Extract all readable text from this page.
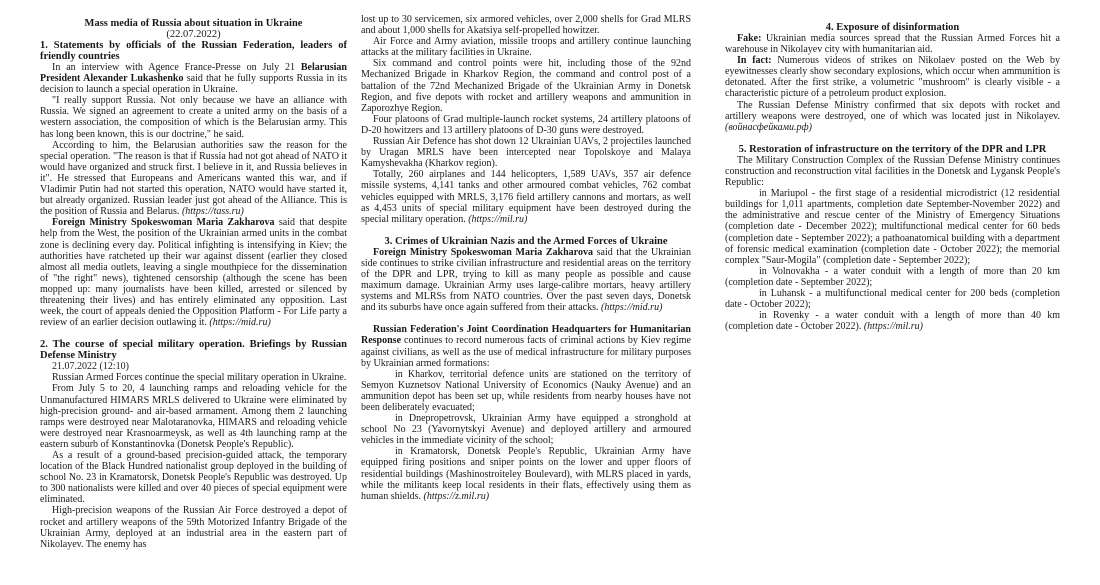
Mass media of Russia about situation in Ukraine
(22.07.2022)
1. Statements by officials of the Russian Federation, leaders of friendly countries

In an interview with Agence France-Presse on July 21 Belarusian President Alexander Lukashenko said that he fully supports Russia in its decision to launch a special operation in Ukraine.

"I really support Russia. Not only because we have an alliance with Russia. We signed an agreement to create a united army on the basis of a western association, the composition of which is the Belarusian army. This has long been known, this is our doctrine," he said.

According to him, the Belarusian authorities saw the reason for the special operation. "The reason is that if Russia had not got ahead of NATO it would have organized and struck first. I believe in it, and Russia believes in it". He stressed that Europeans and Americans wanted this war, and if Vladimir Putin had not started this operation, NATO would have started it, but already organized. Russian leader just got ahead of the Alliance. This is the position of Russia and Belarus. (https://tass.ru)

Foreign Ministry Spokeswoman Maria Zakharova said that despite help from the West, the position of the Ukrainian armed units in the combat zone is declining every day. Political infighting is intensifying in Kiev; the authorities have ratcheted up their war against dissent (earlier they closed almost all media outlets, leaving a single mouthpiece for the dissemination of "the right" news), tightened censorship (although the scene has been mopped up: many journalists have been killed, arrested or silenced by threatening their lives) and has entirely eliminated any opposition. Last week, the court of appeals denied the Opposition Platform - For Life party a review of an earlier decision outlawing it. (https://mid.ru)

2. The course of special military operation. Briefings by Russian Defense Ministry

21.07.2022 (12:10)

Russian Armed Forces continue the special military operation in Ukraine.

From July 5 to 20, 4 launching ramps and reloading vehicle for the Unmanufactured HIMARS MRLS delivered to Ukraine were eliminated by high-precision ground- and air-based armament. Among them 2 launching ramps were destroyed near Malotaranovka, HIMARS and reloading vehicle were destroyed near Krasnoarmeysk, as well as 4th launching ramp at the eastern suburb of Konstantinovka (Donetsk People's Republic).

As a result of a ground-based precision-guided attack, the temporary location of the Black Hundred nationalist group deployed in the building of school No. 23 in Kramatorsk, Donetsk People's Republic was destroyed. Up to 300 nationalists were killed and over 40 pieces of special equipment were eliminated.

High-precision weapons of the Russian Air Force destroyed a depot of rocket and artillery weapons of the 59th Motorized Infantry Brigade of the Ukrainian Army, deployed at an industrial area in the eastern part of Nikolayev. The enemy has

lost up to 30 servicemen, six armored vehicles, over 2,000 shells for Grad MLRS and about 1,000 shells for Akatsiya self-propelled howitzer.

Air Force and Army aviation, missile troops and artillery continue launching attacks at the military facilities in Ukraine.

Six command and control points were hit, including those of the 92nd Mechanized Brigade in Kharkov Region, the command and control post of a battalion of the 72nd Mechanized Brigade of the Ukrainian Army in Donetsk Region, and five depots with rocket and artillery weapons and ammunition in Zaporozhye Region.

Four platoons of Grad multiple-launch rocket systems, 24 artillery platoons of D-20 howitzers and 13 artillery platoons of D-30 guns were destroyed.

Russian Air Defence has shot down 12 Ukrainian UAVs, 2 projectiles launched by Uragan MRLS have been intercepted near Topolskoye and Malaya Kamyshevakha (Kharkov region).

Totally, 260 airplanes and 144 helicopters, 1,589 UAVs, 357 air defence missile systems, 4,141 tanks and other armoured combat vehicles, 762 combat vehicles equipped with MRLS, 3,176 field artillery cannons and mortars, as well as 4,453 units of special military equipment have been destroyed during the special military operation. (https://mil.ru)

3. Crimes of Ukrainian Nazis and the Armed Forces of Ukraine

Foreign Ministry Spokeswoman Maria Zakharova said that the Ukrainian side continues to strike civilian infrastructure and residential areas on the territory of the DPR and LPR, trying to kill as many people as possible and cause maximum damage. Ukrainian Army uses large-calibre mortars, heavy artillery systems and MLRSs from NATO countries. Over the past seven days, Donetsk and its suburbs have once again suffered from their attacks. (https://mid.ru)

Russian Federation's Joint Coordination Headquarters for Humanitarian Response continues to record numerous facts of criminal actions by Kiev regime against civilians, as well as the use of medical infrastructure for military purposes by Ukrainian armed formations:

in Kharkov, territorial defence units are stationed on the territory of Semyon Kuznetsov National University of Economics (Nauky Avenue) and an ammunition depot has been set up, while residents from nearby houses have not been deliberately evacuated;

in Dnepropetrovsk, Ukrainian Army have equipped a stronghold at school No 23 (Yavornytskyi Avenue) and deployed artillery and armoured vehicles in the immediate vicinity of the school;

in Kramatorsk, Donetsk People's Republic, Ukrainian Army have equipped firing positions and sniper points on the lower and upper floors of residential buildings (Mashinostroiteley Boulevard), with MLRS placed in yards, while the militants keep local residents in their flats, effectively using them as human shields. (https://z.mil.ru)

4. Exposure of disinformation

Fake: Ukrainian media sources spread that the Russian Armed Forces hit a warehouse in Nikolayev city with humanitarian aid.

In fact: Numerous videos of strikes on Nikolaev posted on the Web by eyewitnesses clearly show secondary explosions, which occur when ammunition is detonated. After the first strike, a volumetric "mushroom" is clearly visible - a characteristic picture of a petroleum product explosion.

The Russian Defense Ministry confirmed that six depots with rocket and artillery weapons were destroyed, one of which was located just in Nikolayev. (войнасфейками.рф)

5. Restoration of infrastructure on the territory of the DPR and LPR

The Military Construction Complex of the Russian Defense Ministry continues construction and reconstruction vital facilities in the Donetsk and Lygansk People's Republic:

in Mariupol - the first stage of a residential microdistrict (12 residential buildings for 1,011 apartments, completion date September-November 2022) and the administrative and rescue center of the Ministry of Emergency Situations (completion date - December 2022); multifunctional medical center for 60 beds (completion date - September 2022); a pathoanatomical building with a department of forensic medical examination (completion date - October 2022); the memorial complex "Saur-Mogila" (completion date - September 2022);

in Volnovakha - a water conduit with a length of more than 20 km (completion date - September 2022);

in Luhansk - a multifunctional medical center for 200 beds (completion date - October 2022);

in Rovenky - a water conduit with a length of more than 40 km (completion date - October 2022). (https://mil.ru)
